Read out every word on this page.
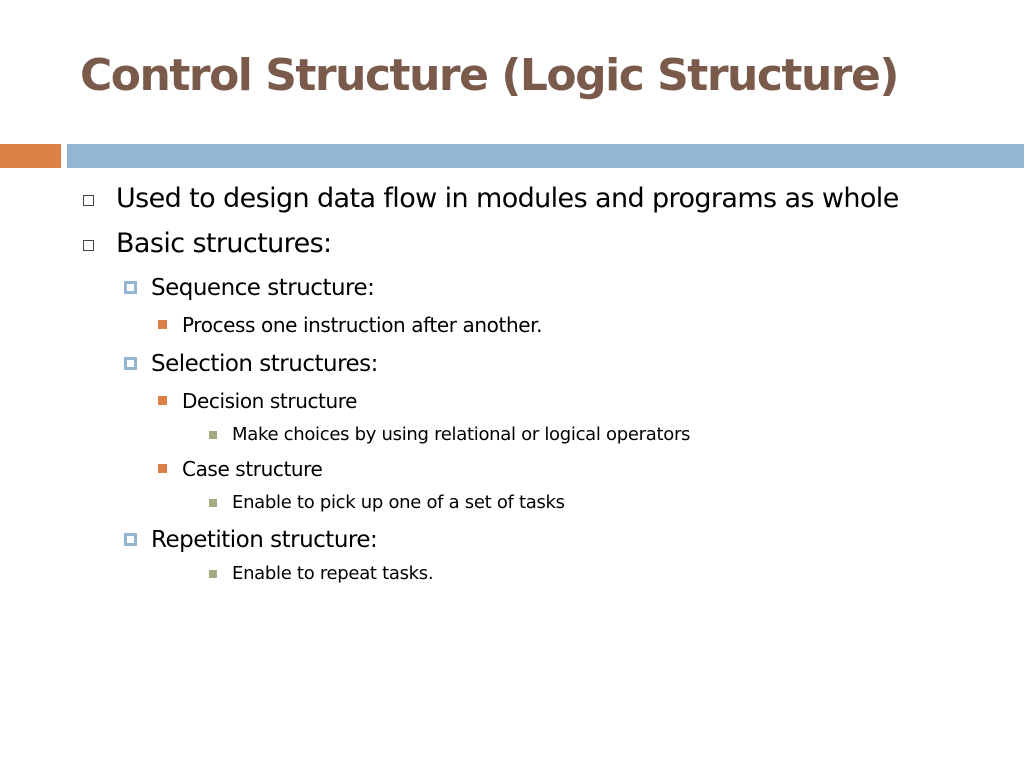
Control Structure (Logic Structure)
Used to design data flow in modules and programs as whole
Basic structures:
Sequence structure:
Process one instruction after another.
Selection structures:
Decision structure
Make choices by using relational or logical operators
Case structure
Enable to pick up one of a set of tasks
Repetition structure:
Enable to repeat tasks.
